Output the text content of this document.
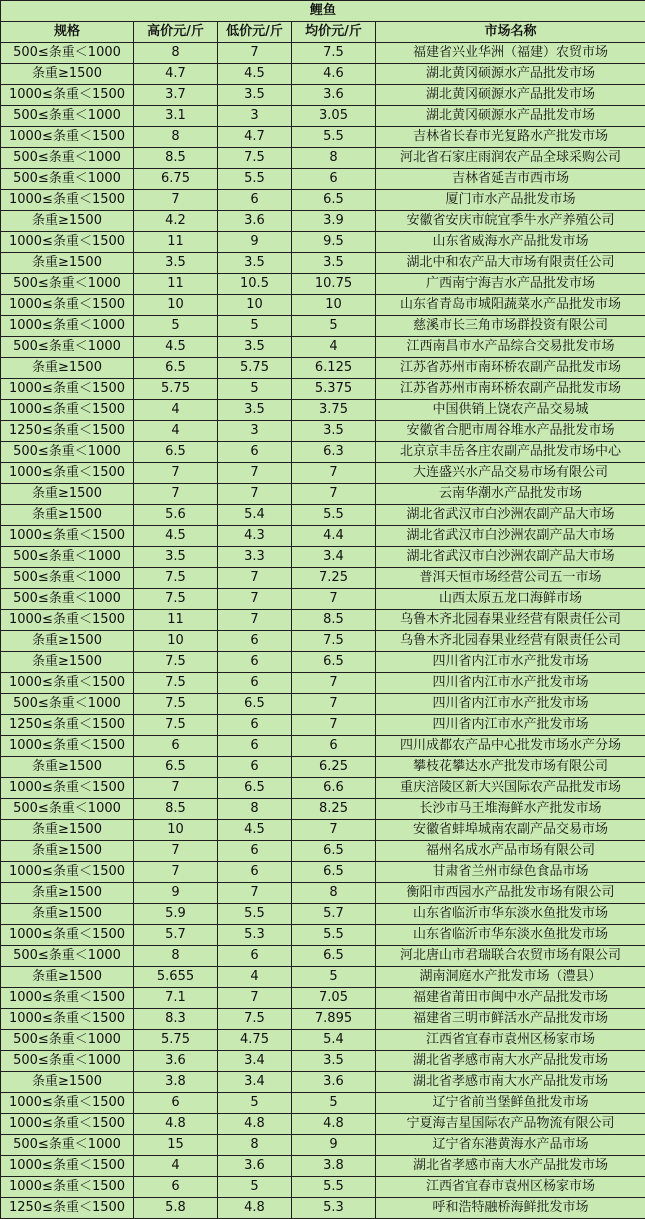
鲤鱼				
规格	高价元/斤	低价元/斤	均价元/斤	市场名称
500≤条重＜1000	8	7	7.5	福建省兴业华洲（福建）农贸市场
条重≥1500	4.7	4.5	4.6	湖北黄冈硕源水产品批发市场
1000≤条重＜1500	3.7	3.5	3.6	湖北黄冈硕源水产品批发市场
500≤条重＜1000	3.1	3	3.05	湖北黄冈硕源水产品批发市场
1000≤条重＜1500	8	4.7	5.5	吉林省长春市光复路水产批发市场
500≤条重＜1000	8.5	7.5	8	河北省石家庄雨润农产品全球采购公司
500≤条重＜1000	6.75	5.5	6	吉林省延吉市西市场
1000≤条重＜1500	7	6	6.5	厦门市水产品批发市场
条重≥1500	4.2	3.6	3.9	安徽省安庆市皖宜季牛水产养殖公司
1000≤条重＜1500	11	9	9.5	山东省威海水产品批发市场
条重≥1500	3.5	3.5	3.5	湖北中和农产品大市场有限责任公司
500≤条重＜1000	11	10.5	10.75	广西南宁海吉水产品批发市场
1000≤条重＜1500	10	10	10	山东省青岛市城阳蔬菜水产品批发市场
1000≤条重＜1000	5	5	5	慈溪市长三角市场群投资有限公司
500≤条重＜1000	4.5	3.5	4	江西南昌市水产品综合交易批发市场
条重≥1500	6.5	5.75	6.125	江苏省苏州市南环桥农副产品批发市场
1000≤条重＜1500	5.75	5	5.375	江苏省苏州市南环桥农副产品批发市场
1000≤条重＜1500	4	3.5	3.75	中国供销上饶农产品交易城
1250≤条重＜1500	4	3	3.5	安徽省合肥市周谷堆水产品批发市场
500≤条重＜1000	6.5	6	6.3	北京京丰岳各庄农副产品批发市场中心
1000≤条重＜1500	7	7	7	大连盛兴水产品交易市场有限公司
条重≥1500	7	7	7	云南华潮水产品批发市场
条重≥1500	5.6	5.4	5.5	湖北省武汉市白沙洲农副产品大市场
1000≤条重＜1500	4.5	4.3	4.4	湖北省武汉市白沙洲农副产品大市场
500≤条重＜1000	3.5	3.3	3.4	湖北省武汉市白沙洲农副产品大市场
500≤条重＜1000	7.5	7	7.25	普洱天恒市场经营公司五一市场
500≤条重＜1000	7.5	7	7	山西太原五龙口海鲜市场
1000≤条重＜1500	11	7	8.5	乌鲁木齐北园春果业经营有限责任公司
条重≥1500	10	6	7.5	乌鲁木齐北园春果业经营有限责任公司
条重≥1500	7.5	6	6.5	四川省内江市水产批发市场
1000≤条重＜1500	7.5	6	7	四川省内江市水产批发市场
500≤条重＜1000	7.5	6.5	7	四川省内江市水产批发市场
1250≤条重＜1500	7.5	6	7	四川省内江市水产批发市场
1000≤条重＜1500	6	6	6	四川成都农产品中心批发市场水产分场
条重≥1500	6.5	6	6.25	攀枝花攀达水产批发市场有限公司
1000≤条重＜1500	7	6.5	6.6	重庆涪陵区新大兴国际农产品批发市场
500≤条重＜1000	8.5	8	8.25	长沙市马王堆海鲜水产批发市场
条重≥1500	10	4.5	7	安徽省蚌埠城南农副产品交易市场
条重≥1500	7	6	6.5	福州名成水产品市场有限公司
1000≤条重＜1500	7	6	6.5	甘肃省兰州市绿色食品市场
条重≥1500	9	7	8	衡阳市西园水产品批发市场有限公司
条重≥1500	5.9	5.5	5.7	山东省临沂市华东淡水鱼批发市场
1000≤条重＜1500	5.7	5.3	5.5	山东省临沂市华东淡水鱼批发市场
500≤条重＜1000	8	6	6.5	河北唐山市君瑞联合农贸市场有限公司
条重≥1500	5.655	4	5	湖南洞庭水产批发市场（澧县）
1000≤条重＜1500	7.1	7	7.05	福建省莆田市闽中水产品批发市场
1000≤条重＜1500	8.3	7.5	7.895	福建省三明市鲜活水产品批发市场
500≤条重＜1000	5.75	4.75	5.4	江西省宜春市袁州区杨家市场
500≤条重＜1000	3.6	3.4	3.5	湖北省孝感市南大水产品批发市场
条重≥1500	3.8	3.4	3.6	湖北省孝感市南大水产品批发市场
1000≤条重＜1500	6	5	5	辽宁省前当堡鲜鱼批发市场
1000≤条重＜1500	4.8	4.8	4.8	宁夏海吉星国际农产品物流有限公司
500≤条重＜1000	15	8	9	辽宁省东港黄海水产品市场
1000≤条重＜1500	4	3.6	3.8	湖北省孝感市南大水产品批发市场
1000≤条重＜1500	6	5	5.5	江西省宜春市袁州区杨家市场
1250≤条重＜1500	5.8	4.8	5.3	呼和浩特融桥海鲜批发市场
